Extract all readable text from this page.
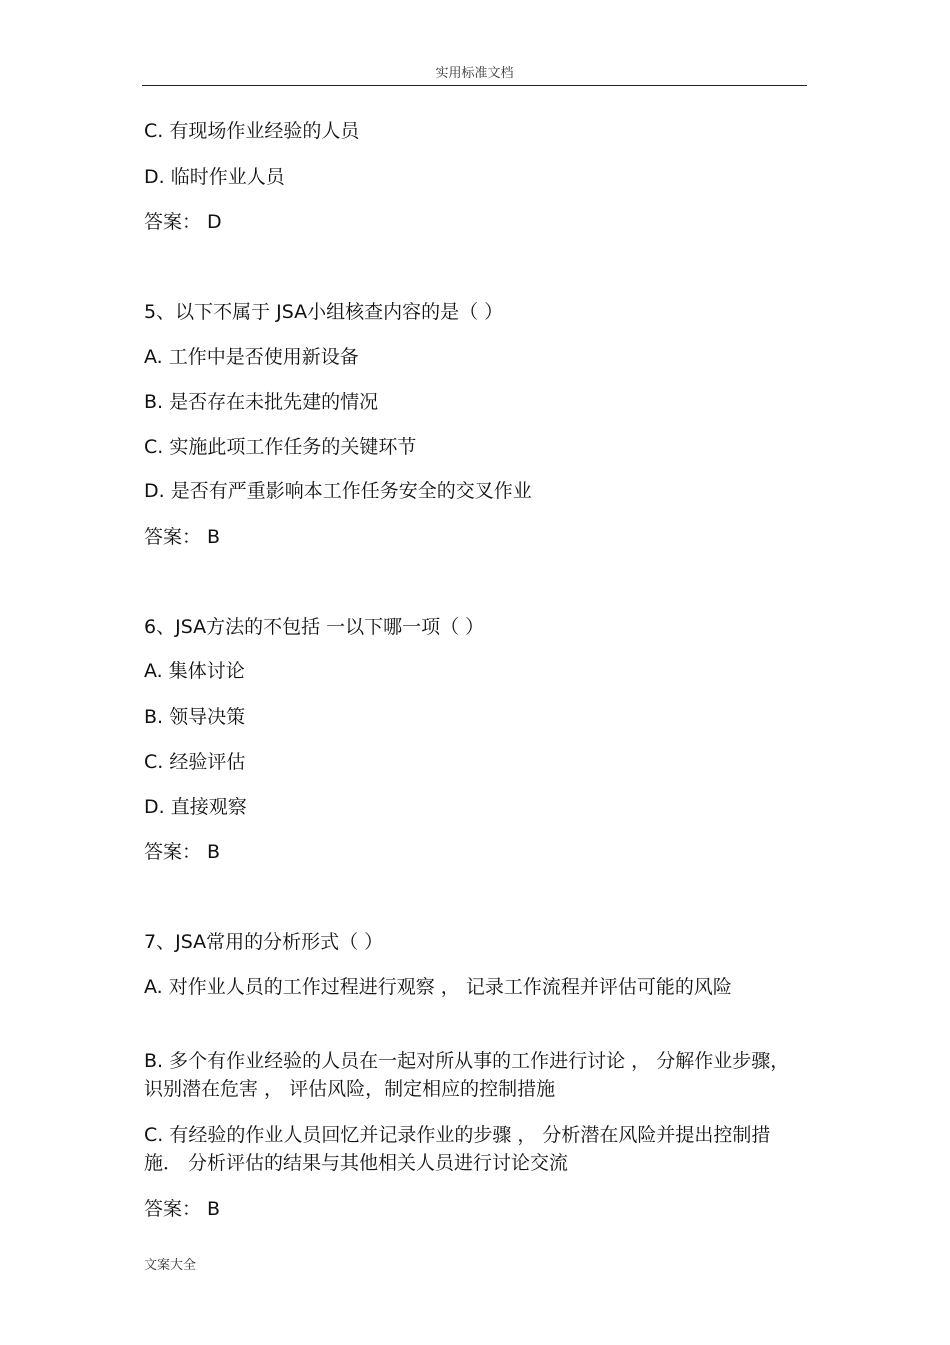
实用标准文档
C. 有现场作业经验的人员
D. 临时作业人员
答案： D
5、以下不属于 JSA小组核查内容的是（ ）
A. 工作中是否使用新设备
B. 是否存在未批先建的情况
C. 实施此项工作任务的关键环节
D. 是否有严重影响本工作任务安全的交叉作业
答案： B
6、JSA方法的不包括 一以下哪一项（ ）
A. 集体讨论
B. 领导决策
C. 经验评估
D. 直接观察
答案： B
7、JSA常用的分析形式（ ）
A. 对作业人员的工作过程进行观察 ， 记录工作流程并评估可能的风险
B. 多个有作业经验的人员在一起对所从事的工作进行讨论 ， 分解作业步骤， 识别潜在危害 ， 评估风险，制定相应的控制措施
C. 有经验的作业人员回忆并记录作业的步骤 ， 分析潜在风险并提出控制措施． 分析评估的结果与其他相关人员进行讨论交流
答案： B
文案大全
